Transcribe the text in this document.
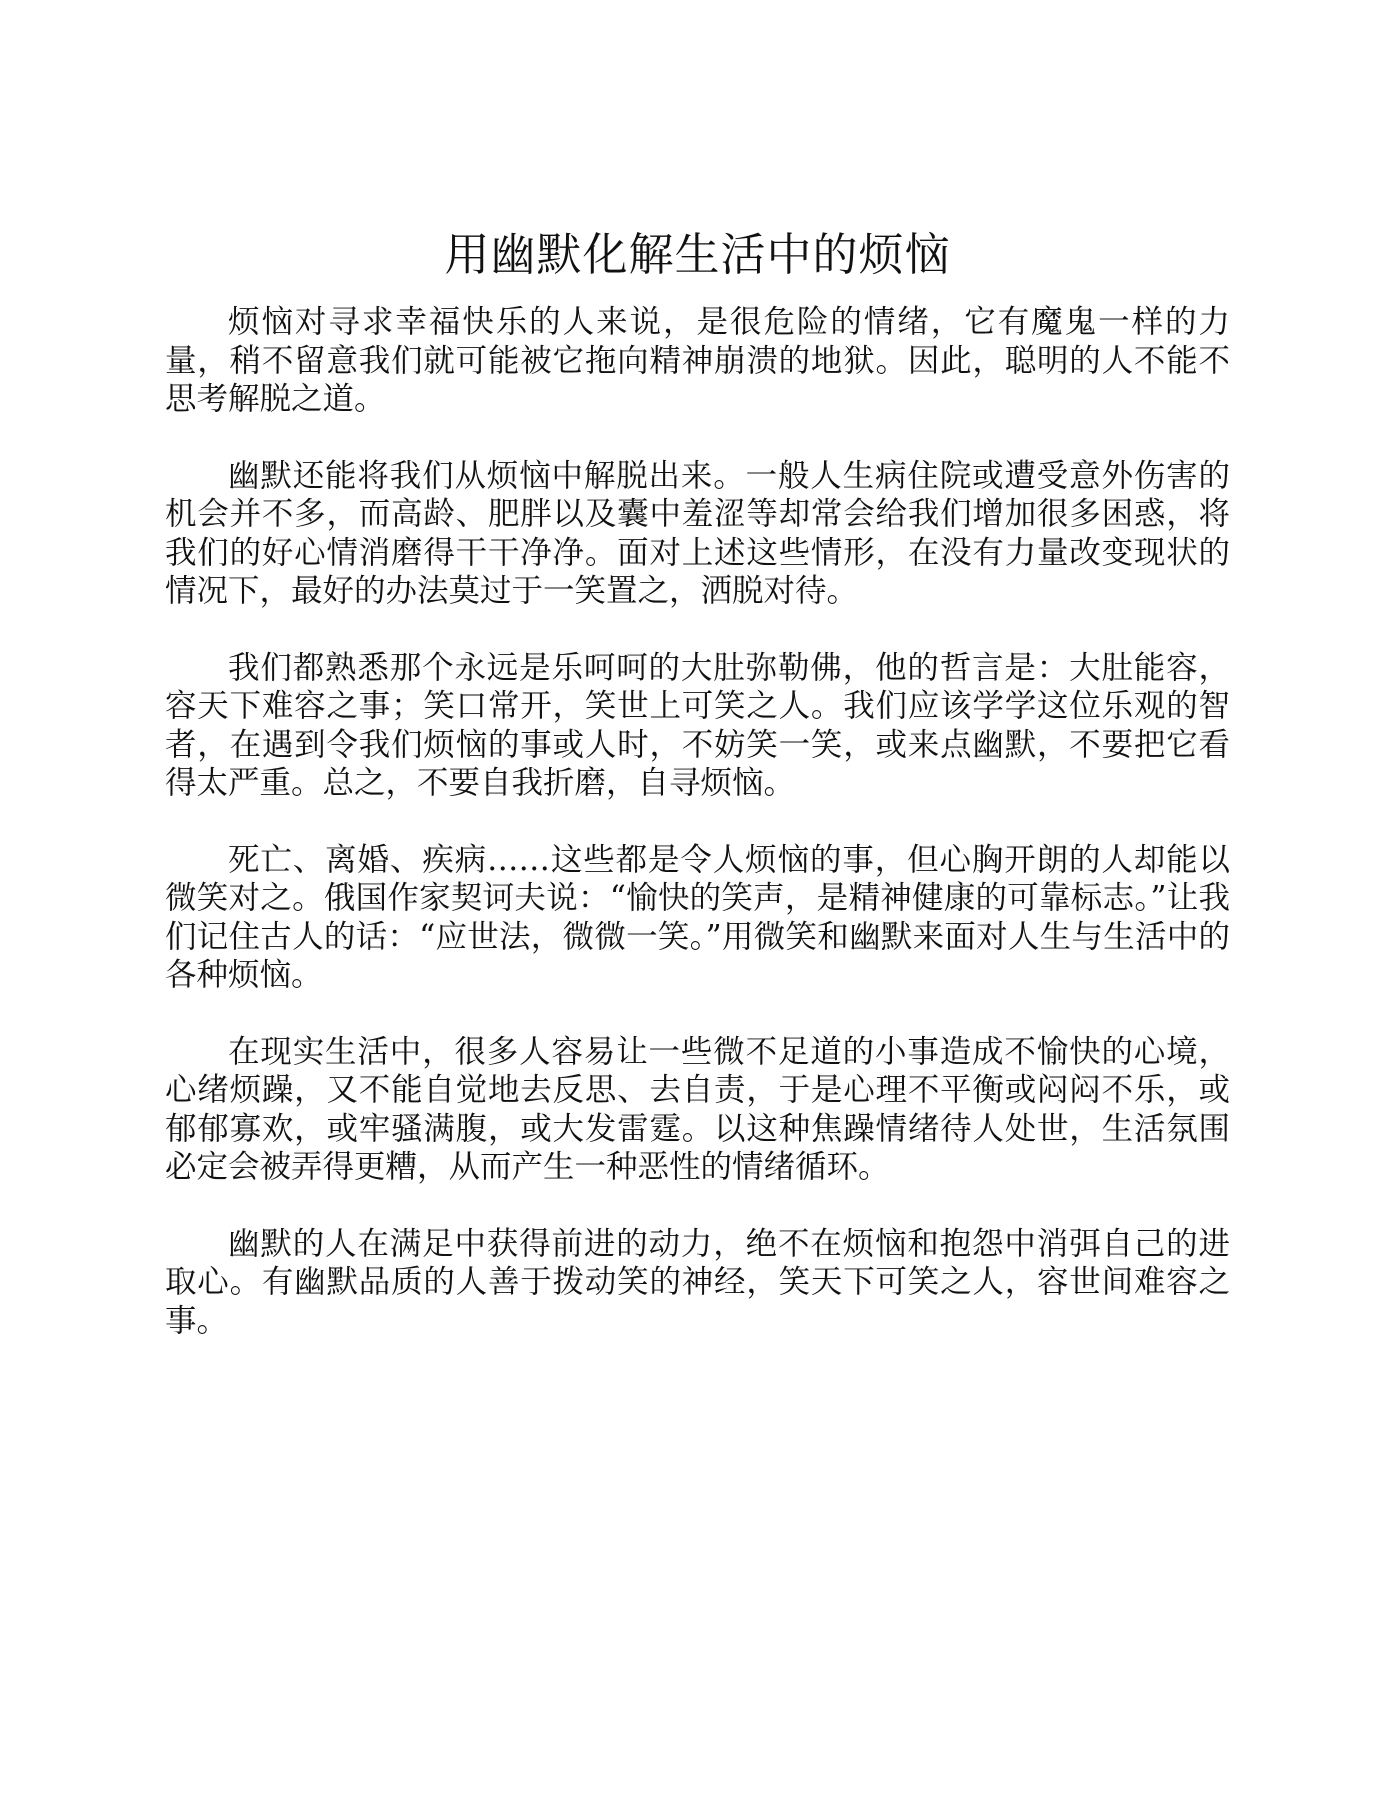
用幽默化解生活中的烦恼

烦恼对寻求幸福快乐的人来说，是很危险的情绪，它有魔鬼一样的力量，稍不留意我们就可能被它拖向精神崩溃的地狱。因此，聪明的人不能不思考解脱之道。

幽默还能将我们从烦恼中解脱出来。一般人生病住院或遭受意外伤害的机会并不多，而高龄、肥胖以及囊中羞涩等却常会给我们增加很多困惑，将我们的好心情消磨得干干净净。面对上述这些情形，在没有力量改变现状的情况下，最好的办法莫过于一笑置之，洒脱对待。

我们都熟悉那个永远是乐呵呵的大肚弥勒佛，他的哲言是：大肚能容，容天下难容之事；笑口常开，笑世上可笑之人。我们应该学学这位乐观的智者，在遇到令我们烦恼的事或人时，不妨笑一笑，或来点幽默，不要把它看得太严重。总之，不要自我折磨，自寻烦恼。

死亡、离婚、疾病……这些都是令人烦恼的事，但心胸开朗的人却能以微笑对之。俄国作家契诃夫说：“愉快的笑声，是精神健康的可靠标志。”让我们记住古人的话：“应世法，微微一笑。”用微笑和幽默来面对人生与生活中的各种烦恼。

在现实生活中，很多人容易让一些微不足道的小事造成不愉快的心境，心绪烦躁，又不能自觉地去反思、去自责，于是心理不平衡或闷闷不乐，或郁郁寡欢，或牢骚满腹，或大发雷霆。以这种焦躁情绪待人处世，生活氛围必定会被弄得更糟，从而产生一种恶性的情绪循环。

幽默的人在满足中获得前进的动力，绝不在烦恼和抱怨中消弭自己的进取心。有幽默品质的人善于拨动笑的神经，笑天下可笑之人，容世间难容之事。
